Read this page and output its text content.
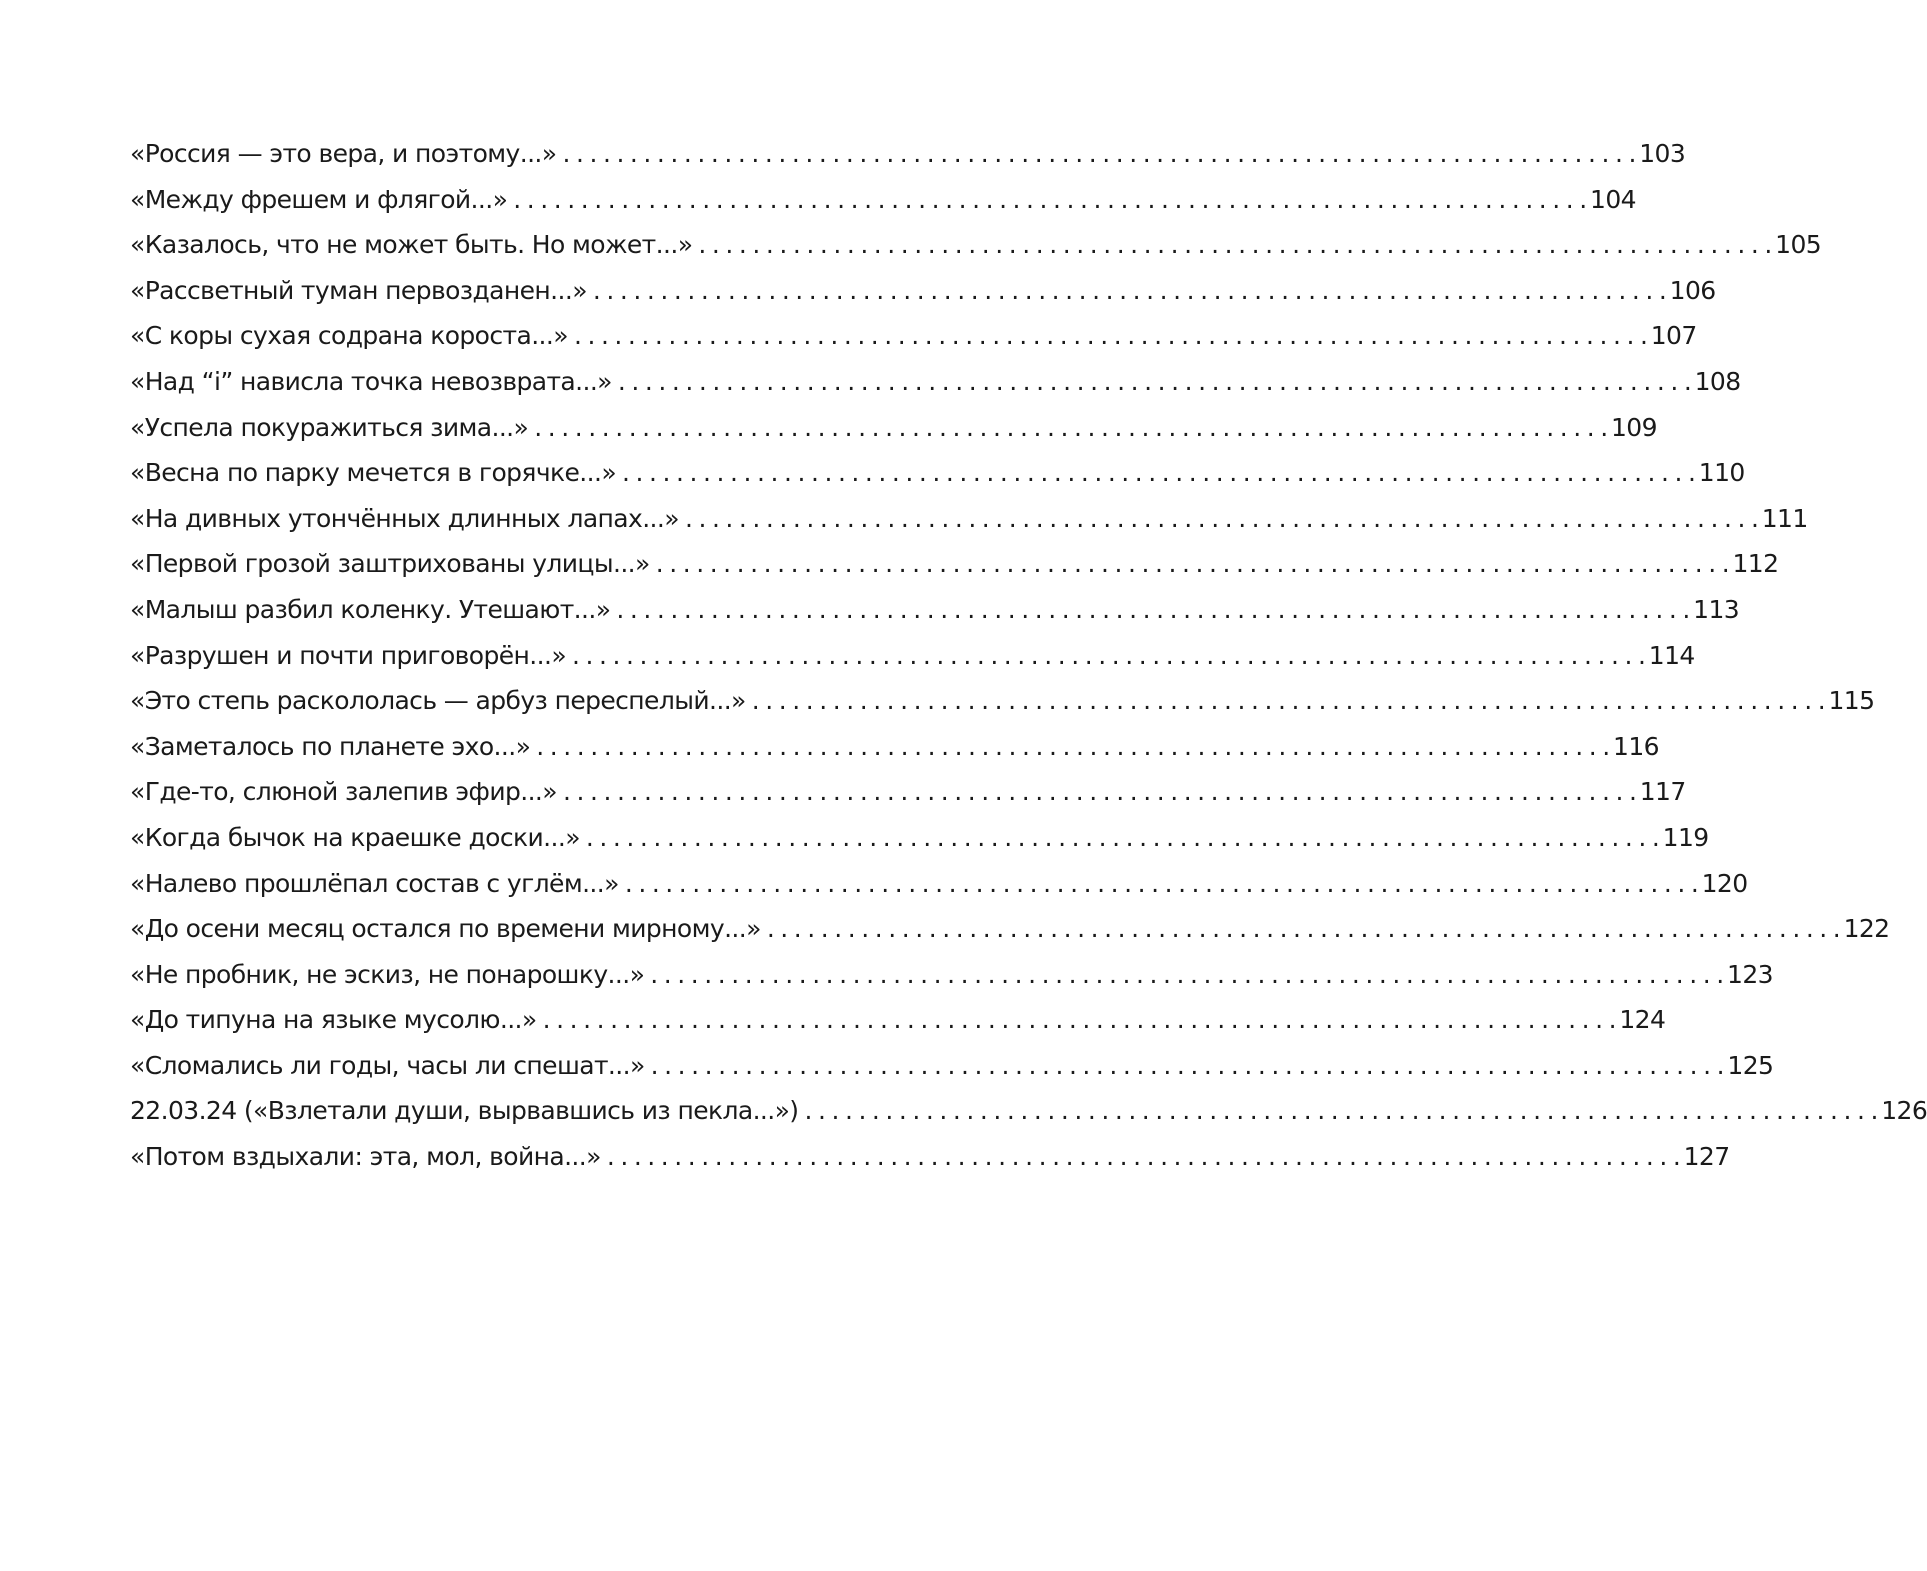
«Россия — это вера, и поэтому...» . . .	103
«Между фрешем и флягой...» . . .	104
«Казалось, что не может быть. Но может...» . . .	105
«Рассветный туман первозданен...» . . .	106
«С коры сухая содрана короста...» . . .	107
«Над “i” нависла точка невозврата...» . . .	108
«Успела покуражиться зима...» . . .	109
«Весна по парку мечется в горячке...» . . .	110
«На дивных утончённых длинных лапах...» . . .	111
«Первой грозой заштрихованы улицы...» . . .	112
«Малыш разбил коленку. Утешают...» . . .	113
«Разрушен и почти приговорён...» . . .	114
«Это степь раскололась — арбуз переспелый...» . . .	115
«Заметалось по планете эхо...» . . .	116
«Где-то, слюной залепив эфир...» . . .	117
«Когда бычок на краешке доски...» . . .	119
«Налево прошлёпал состав с углём...» . . .	120
«До осени месяц остался по времени мирному...» . . .	122
«Не пробник, не эскиз, не понарошку...» . . .	123
«До типуна на языке мусолю...» . . .	124
«Сломались ли годы, часы ли спешат...» . . .	125
22.03.24 («Взлетали души, вырвавшись из пекла...») . . .	126
«Потом вздыхали: эта, мол, война...» . . .	127
